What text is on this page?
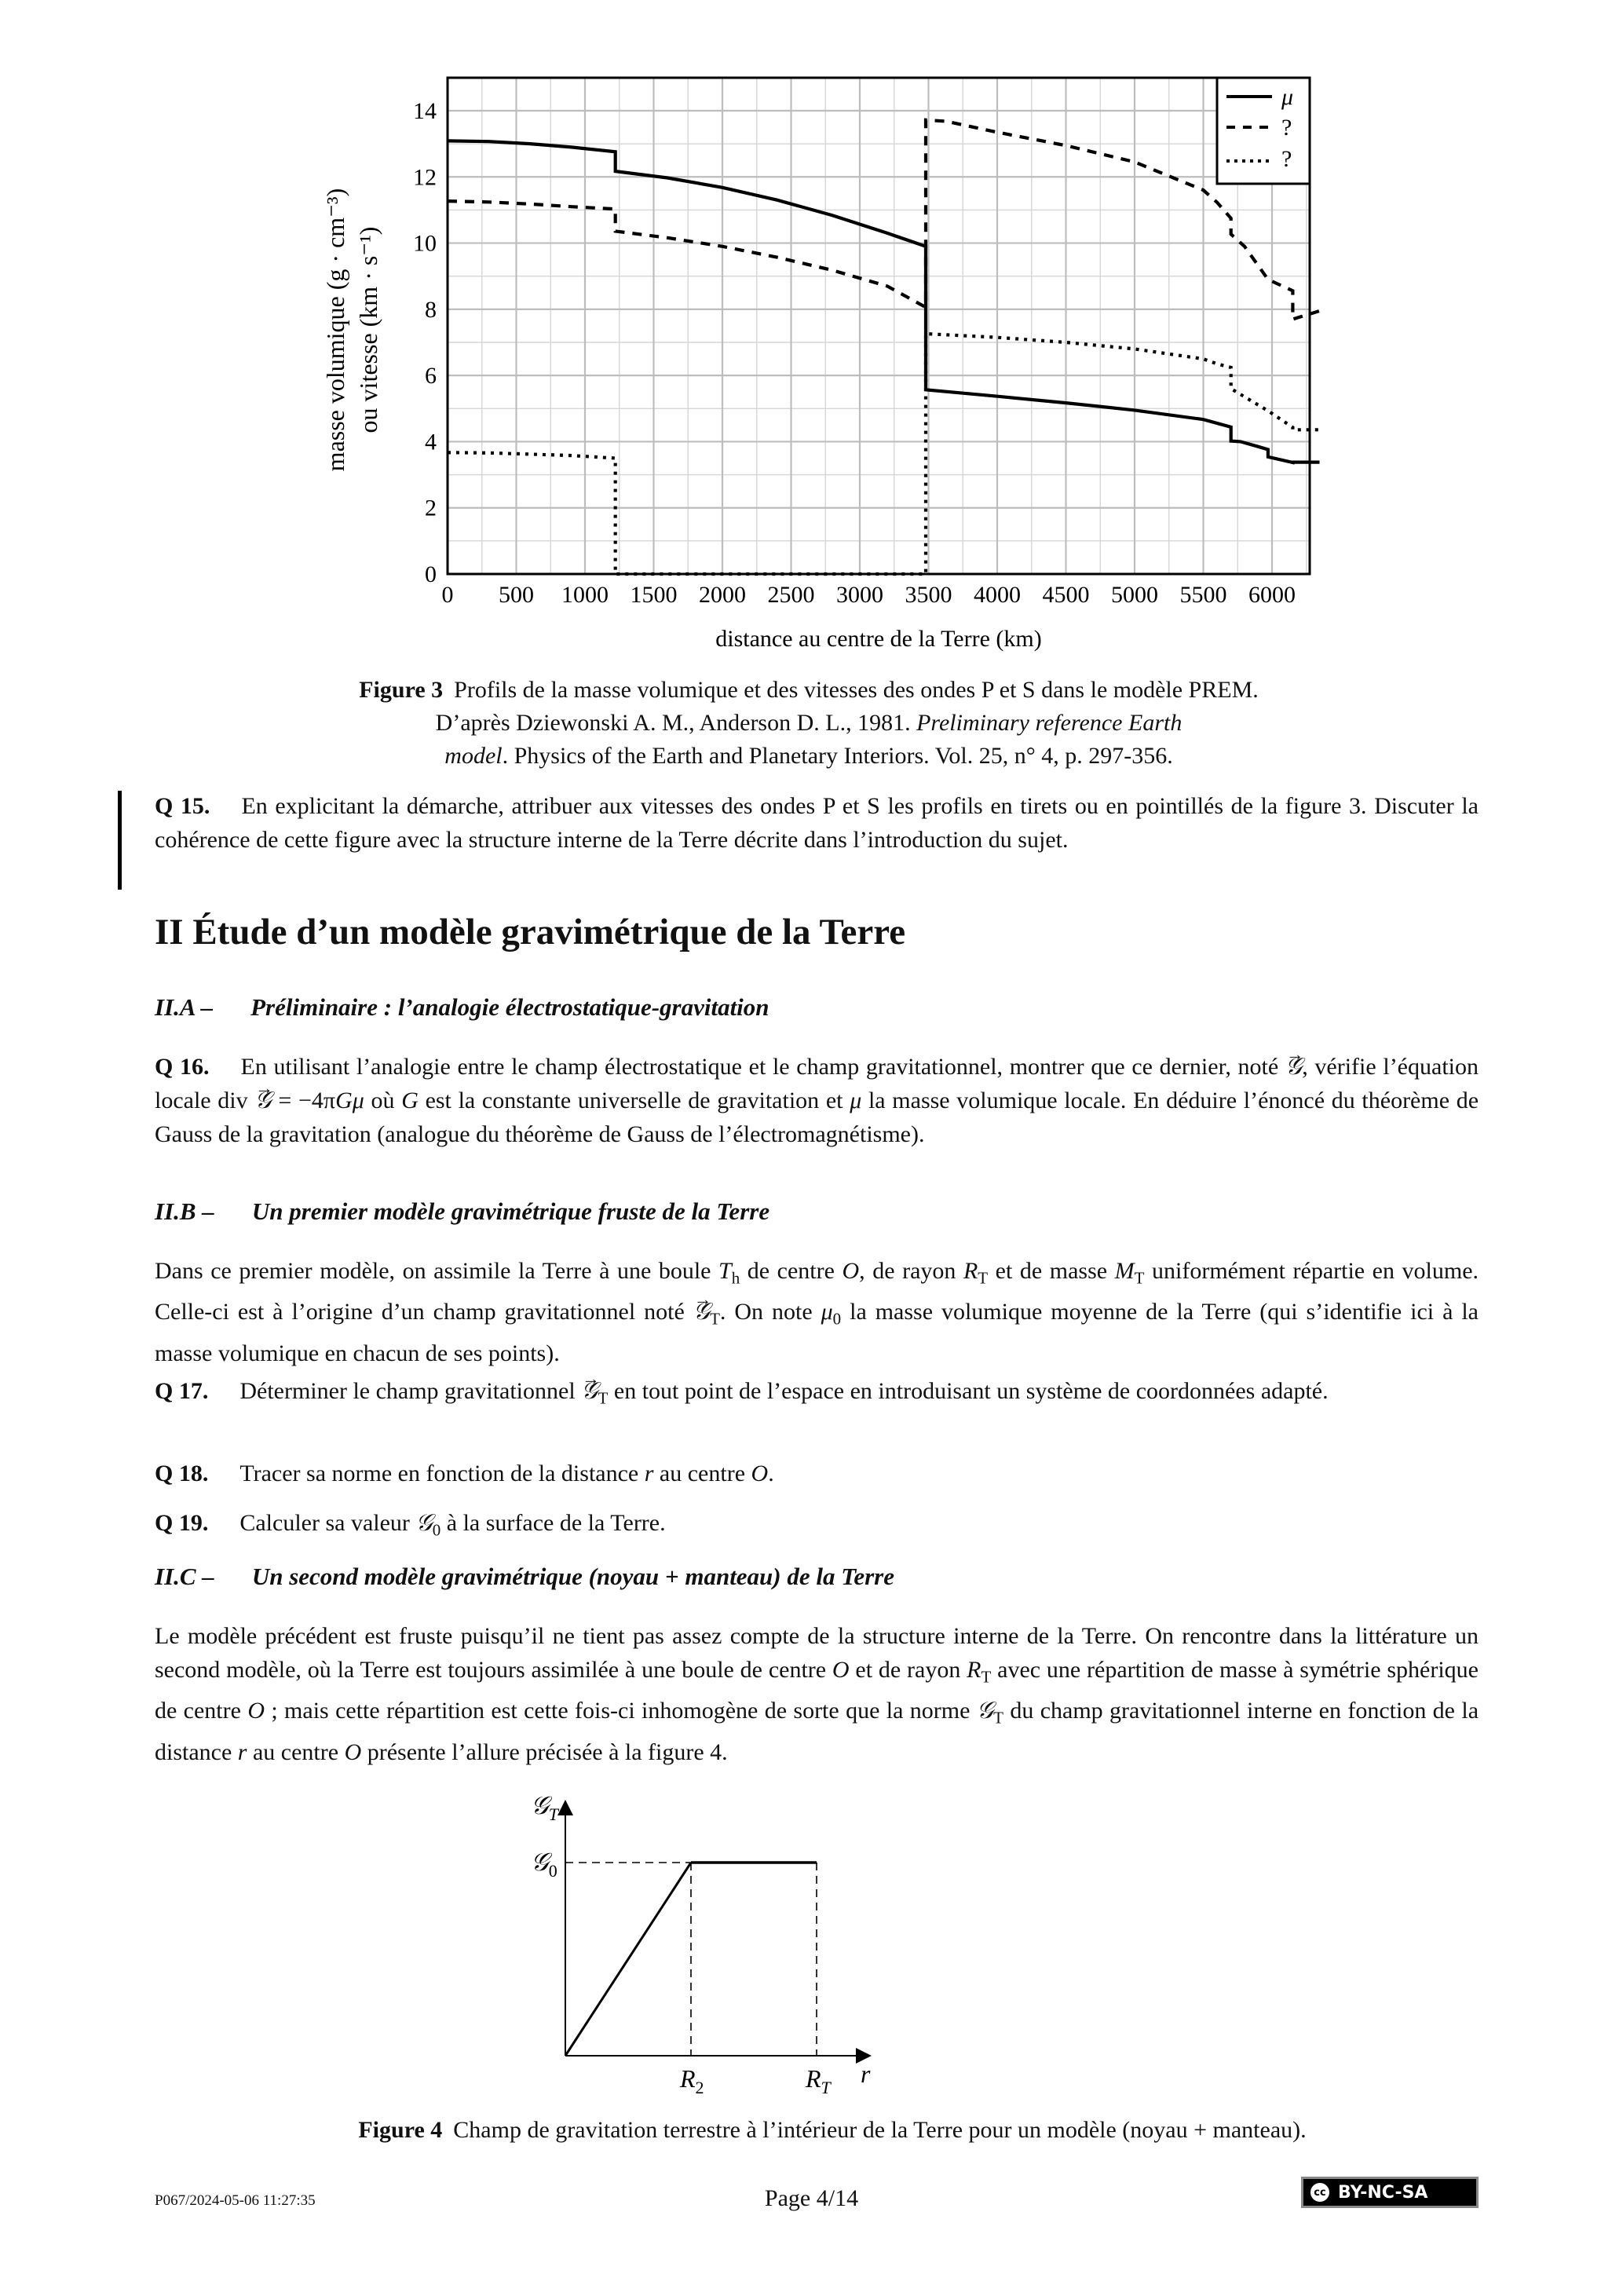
0
2
4
6
8
10
12
14
0 500 1000 1500 2000 2500 3000 3500 4000 4500 5000 5500 6000
distance au centre de la Terre (km)
masse volumique (g · cm⁻³) ou vitesse (km · s⁻¹)
μ
?
?
Figure 3 Profils de la masse volumique et des vitesses des ondes P et S dans le modèle PREM.
D’après Dziewonski A. M., Anderson D. L., 1981. Preliminary reference Earth
model. Physics of the Earth and Planetary Interiors. Vol. 25, n° 4, p. 297-356.
Q 15. En explicitant la démarche, attribuer aux vitesses des ondes P et S les profils en tirets ou en pointillés de la figure 3. Discuter la cohérence de cette figure avec la structure interne de la Terre décrite dans l’introduction du sujet.
II Étude d’un modèle gravimétrique de la Terre
II.A – Préliminaire : l’analogie électrostatique-gravitation
Q 16. En utilisant l’analogie entre le champ électrostatique et le champ gravitationnel, montrer que ce dernier, noté → 𝒢, vérifie l’équation locale div → 𝒢 = −4πGμ où G est la constante universelle de gravitation et μ la masse volumique locale. En déduire l’énoncé du théorème de Gauss de la gravitation (analogue du théorème de Gauss de l’électromagnétisme).
II.B – Un premier modèle gravimétrique fruste de la Terre
Dans ce premier modèle, on assimile la Terre à une boule $T_h$ de centre O, de rayon $R_T$ et de masse $M_T$ uniformément répartie en volume. Celle-ci est à l’origine d’un champ gravitationnel noté → 𝒢$_T$. On note $\mu_0$ la masse volumique moyenne de la Terre (qui s’identifie ici à la masse volumique en chacun de ses points).
Q 17. Déterminer le champ gravitationnel → 𝒢$_T$ en tout point de l’espace en introduisant un système de coordonnées adapté.
Q 18. Tracer sa norme en fonction de la distance r au centre O.
Q 19. Calculer sa valeur 𝒢$_0$ à la surface de la Terre.
II.C – Un second modèle gravimétrique (noyau + manteau) de la Terre
Le modèle précédent est fruste puisqu’il ne tient pas assez compte de la structure interne de la Terre. On rencontre dans la littérature un second modèle, où la Terre est toujours assimilée à une boule de centre O et de rayon $R_T$ avec une répartition de masse à symétrie sphérique de centre O ; mais cette répartition est cette fois-ci inhomogène de sorte que la norme 𝒢$_T$ du champ gravitationnel interne en fonction de la distance r au centre O présente l’allure précisée à la figure 4.
𝒢$_T$
𝒢$_0$
$R_2$	$R_T$ r
Figure 4 Champ de gravitation terrestre à l’intérieur de la Terre pour un modèle (noyau + manteau).
P067/2024-05-06 11:27:35	Page 4/14	cc BY-NC-SA
